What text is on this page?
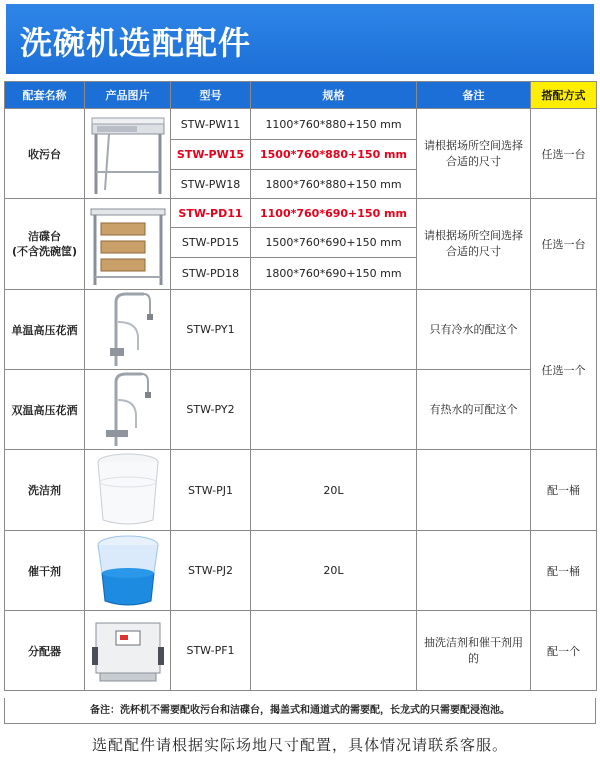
洗碗机选配配件
配套名称	产品图片	型号	规格	备注	搭配方式
收污台		STW-PW11	1100*760*880+150 mm	请根据场所空间选择合适的尺寸	任选一台
		STW-PW15	1500*760*880+150 mm		
		STW-PW18	1800*760*880+150 mm		
洁碟台
(不含洗碗筐)		STW-PD11	1100*760*690+150 mm	请根据场所空间选择合适的尺寸	任选一台
		STW-PD15	1500*760*690+150 mm		
		STW-PD18	1800*760*690+150 mm		
单温高压花洒		STW-PY1		只有冷水的配这个	任选一个
双温高压花洒		STW-PY2		有热水的可配这个	
洗洁剂		STW-PJ1	20L		配一桶
催干剂		STW-PJ2	20L		配一桶
分配器		STW-PF1		抽洗洁剂和催干剂用的	配一个
备注：洗杯机不需要配收污台和洁碟台，揭盖式和通道式的需要配，长龙式的只需要配浸泡池。
选配配件请根据实际场地尺寸配置，具体情况请联系客服。
